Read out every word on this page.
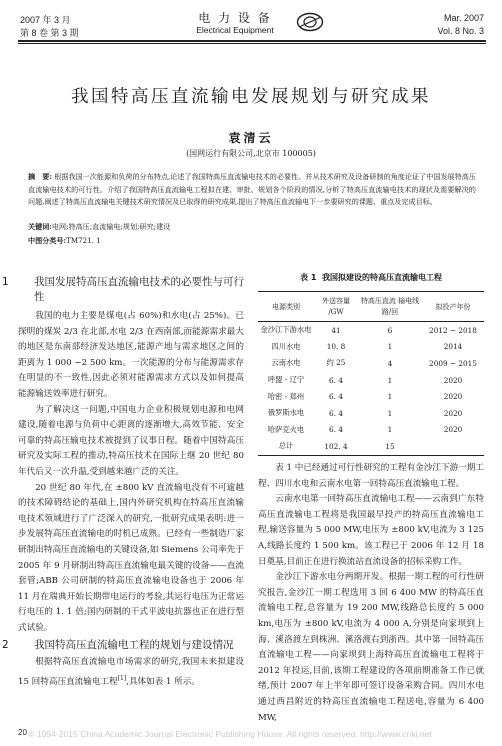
2007 年 3 月
第 8 卷 第 3 期
电 力 设 备
Electrical Equipment
Mar. 2007
Vol. 8 No. 3
我国特高压直流输电发展规划与研究成果
袁清云
(国网运行有限公司,北京市 100005)
摘　要: 根据我国一次能源和负荷的分布特点,论述了我国特高压直流输电技术的必要性、并从技术研究及设备研制的角度论证了中国发展特高压直流输电技术的可行性。介绍了我国特高压直流输电工程拟在建、审批、规划各个阶段的情况,分析了特高压直流输电技术的现状及需要解决的问题,阐述了特高压直流输电关键技术研究情况及已取得的研究成果,提出了特高压直流输电下一步要研究的课题、重点及完成目标。
关键词:电网;特高压;直流输电;规划;研究;建设
中图分类号:TM721. 1
1 我国发展特高压直流输电技术的必要性与可行性

我国的电力主要是煤电(占 60%)和水电(占 25%)。已探明的煤炭 2/3 在北部,水电 2/3 在西南部,而能源需求最大的地区是东南部经济发达地区,能源产地与需求地区之间的距离为 1 000 ~2 500 km。一次能源的分布与能源需求存在明显的不一致性,因此必须对能源需求方式以及如何提高能源输送效率进行研究。

为了解决这一问题,中国电力企业积极规划电源和电网建设,随着电源与负荷中心距离的逐渐增大,高效节能、安全可靠的特高压输电技术被提到了议事日程。随着中国特高压研究及实际工程的推动,特高压技术在国际上继 20 世纪 80 年代后又一次升温,受到越来越广泛的关注。

20 世纪 80 年代,在 ±800 kV 直流输电没有不可逾越的技术障碍结论的基础上,国内外研究机构在特高压直流输电技术领域进行了广泛深入的研究,一批研究成果表明:进一步发展特高压直流输电的时机已成熟。已经有一些制造厂家研制出特高压直流输电的关键设备,如 Siemens 公司率先于 2005 年 9 月研制出特高压直流输电最关键的设备——直流套管;ABB 公司研制的特高压直流输电设备也于 2006 年 11 月在瑞典开始长期带电运行的考验,其运行电压为正常运行电压的 1. 1 倍;国内研制的干式平波电抗器也正在进行型式试验。

2 我国特高压直流输电工程的规划与建设情况

根据特高压直流输电市场需求的研究,我国未来拟建设 15 回特高压直流输电工程[1],具体如表 1 所示。

表 1 我国拟建设的特高压直流输电工程
电源类别	外送容量 /GW	特高压直流 输电线路/回	拟投产年份
金沙江下游水电	41	6	2012 ~ 2018
四川水电	10. 8	1	2014
云南水电	约 25	4	2009 ~ 2015
呼盟 - 辽宁	6. 4	1	2020
哈密 - 郑州	6. 4	1	2020
俄罗斯水电	6. 4	1	2020
哈萨克火电	6. 4	1	2020
总计	102. 4	15	

表 1 中已经通过可行性研究的工程有金沙江下游一期工程、四川水电和云南水电第一回特高压直流输电工程。

云南水电第一回特高压直流输电工程——云南到广东特高压直流输电工程将是我国最早投产的特高压直流输电工程,输送容量为 5 000 MW,电压为 ±800 kV,电流为 3 125 A,线路长度约 1 500 km。该工程已于 2006 年 12 月 18 日奠基,目前正在进行换流站直流设备的招标采购工作。

金沙江下游水电分两期开发。根据一期工程的可行性研究报告,金沙江一期工程选用 3 回 6 400 MW 的特高压直流输电工程,总容量为 19 200 MW,线路总长度约 5 000 km,电压为 ±800 kV,电流为 4 000 A,分别是向家坝到上海、溪洛渡左到株洲、溪洛渡右到浙西。其中第一回特高压直流输电工程——向家坝到上海特高压直流输电工程将于 2012 年投运,目前,该期工程建设的各项前期准备工作已就绪,预计 2007 年上半年即可签订设备采购合同。四川水电通过西昌附近的特高压直流输电工程送电,容量为 6 400 MW,

20 © 1994-2015 China Academic Journal Electronic Publishing House. All rights reserved. http://www.cnki.net
